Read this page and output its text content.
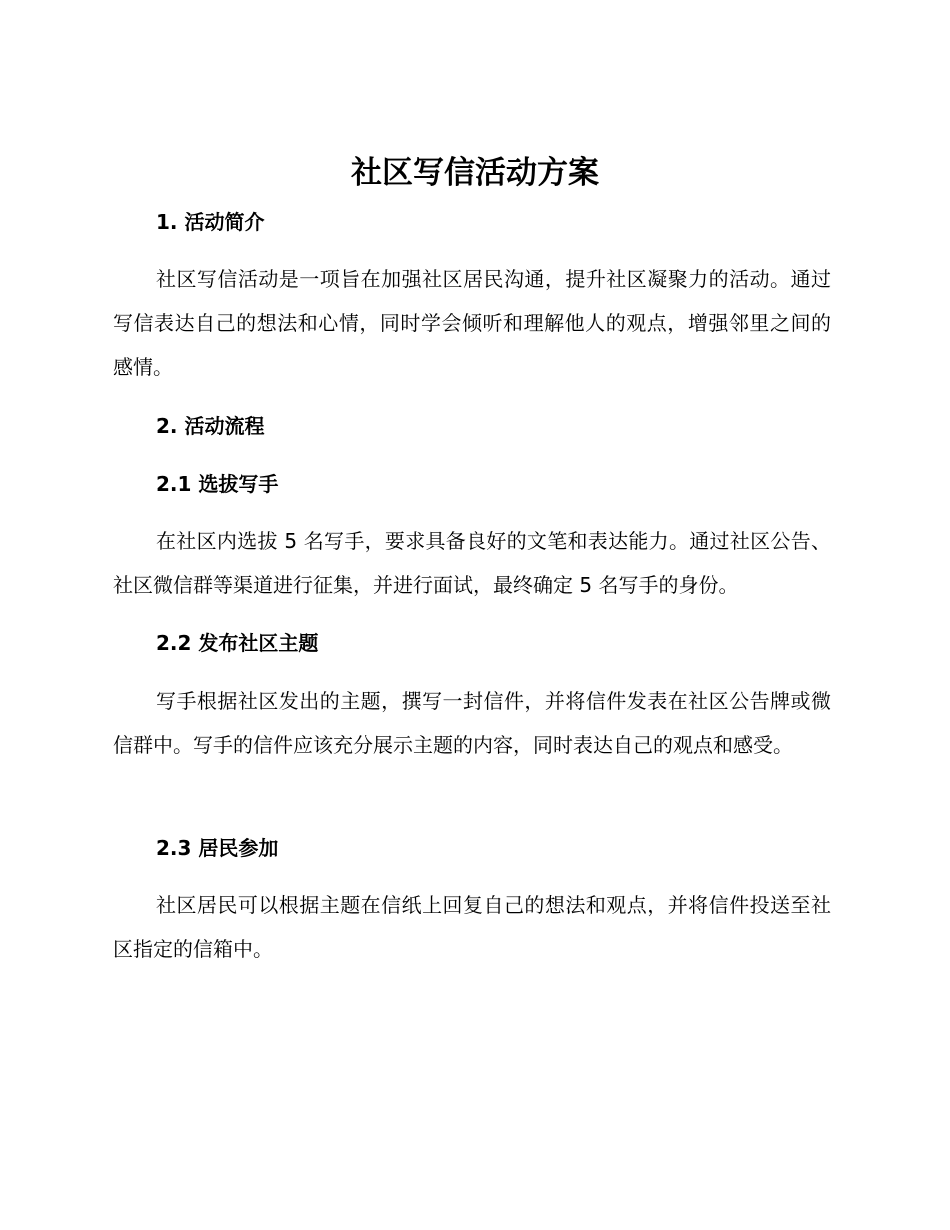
社区写信活动方案
1. 活动简介

社区写信活动是一项旨在加强社区居民沟通，提升社区凝聚力的活动。通过写信表达自己的想法和心情，同时学会倾听和理解他人的观点，增强邻里之间的感情。

2. 活动流程
2.1 选拔写手

在社区内选拔 5 名写手，要求具备良好的文笔和表达能力。通过社区公告、社区微信群等渠道进行征集，并进行面试，最终确定 5 名写手的身份。

2.2 发布社区主题

写手根据社区发出的主题，撰写一封信件，并将信件发表在社区公告牌或微信群中。写手的信件应该充分展示主题的内容，同时表达自己的观点和感受。

2.3 居民参加

社区居民可以根据主题在信纸上回复自己的想法和观点，并将信件投送至社区指定的信箱中。
